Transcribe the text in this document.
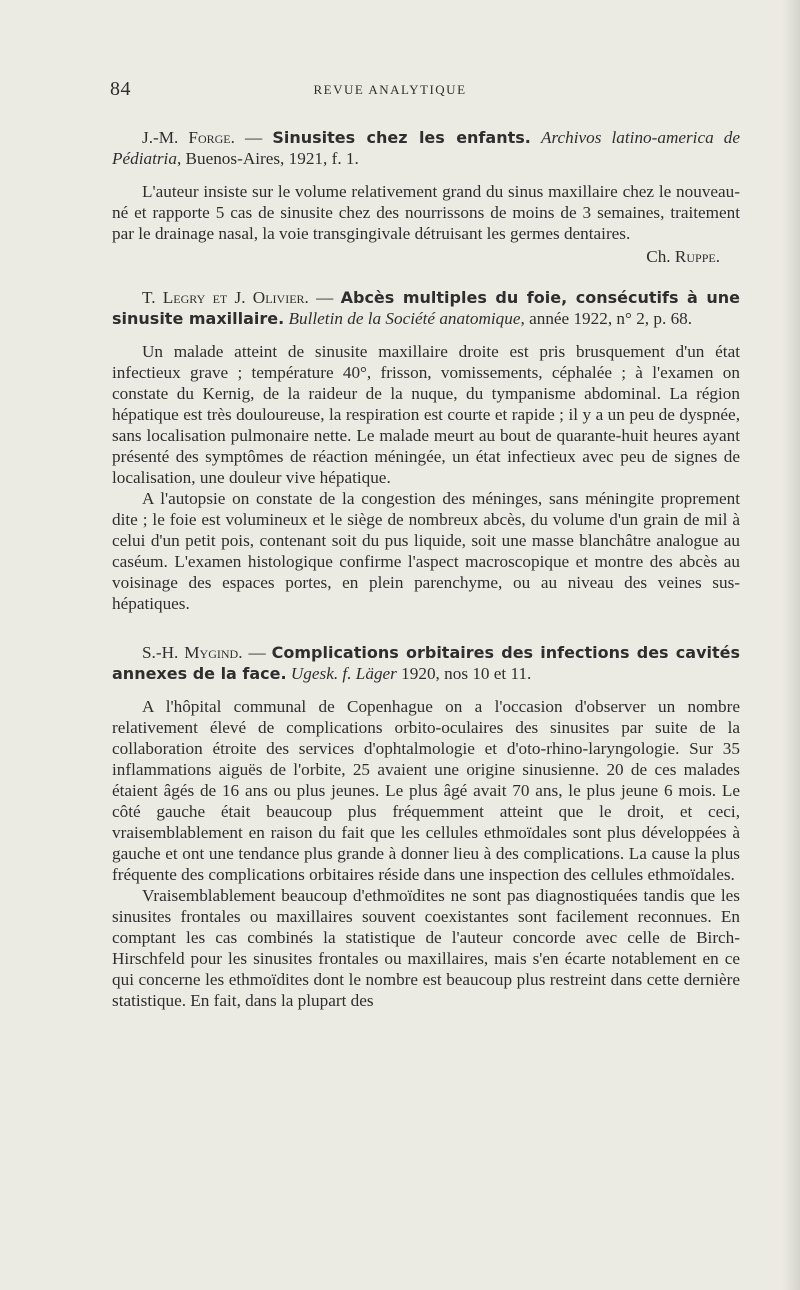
84	REVUE ANALYTIQUE

J.-M. Forge. — Sinusites chez les enfants. Archivos latino-america de Pédiatria, Buenos-Aires, 1921, f. 1.

L'auteur insiste sur le volume relativement grand du sinus maxillaire chez le nouveau-né et rapporte 5 cas de sinusite chez des nourrissons de moins de 3 semaines, traitement par le drainage nasal, la voie transgingivale détruisant les germes dentaires.

Ch. Ruppe.

T. Legry et J. Olivier. — Abcès multiples du foie, consécutifs à une sinusite maxillaire. Bulletin de la Société anatomique, année 1922, n° 2, p. 68.

Un malade atteint de sinusite maxillaire droite est pris brusquement d'un état infectieux grave ; température 40°, frisson, vomissements, céphalée ; à l'examen on constate du Kernig, de la raideur de la nuque, du tympanisme abdominal. La région hépatique est très douloureuse, la respiration est courte et rapide ; il y a un peu de dyspnée, sans localisation pulmonaire nette. Le malade meurt au bout de quarante-huit heures ayant présenté des symptômes de réaction méningée, un état infectieux avec peu de signes de localisation, une douleur vive hépatique.

A l'autopsie on constate de la congestion des méninges, sans méningite proprement dite ; le foie est volumineux et le siège de nombreux abcès, du volume d'un grain de mil à celui d'un petit pois, contenant soit du pus liquide, soit une masse blanchâtre analogue au caséum. L'examen histologique confirme l'aspect macroscopique et montre des abcès au voisinage des espaces portes, en plein parenchyme, ou au niveau des veines sus-hépatiques.

S.-H. Mygind. — Complications orbitaires des infections des cavités annexes de la face. Ugesk. f. Läger 1920, nos 10 et 11.

A l'hôpital communal de Copenhague on a l'occasion d'observer un nombre relativement élevé de complications orbito-oculaires des sinusites par suite de la collaboration étroite des services d'ophtalmologie et d'oto-rhino-laryngologie. Sur 35 inflammations aiguës de l'orbite, 25 avaient une origine sinusienne. 20 de ces malades étaient âgés de 16 ans ou plus jeunes. Le plus âgé avait 70 ans, le plus jeune 6 mois. Le côté gauche était beaucoup plus fréquemment atteint que le droit, et ceci, vraisemblablement en raison du fait que les cellules ethmoïdales sont plus développées à gauche et ont une tendance plus grande à donner lieu à des complications. La cause la plus fréquente des complications orbitaires réside dans une inspection des cellules ethmoïdales.

Vraisemblablement beaucoup d'ethmoïdites ne sont pas diagnostiquées tandis que les sinusites frontales ou maxillaires souvent coexistantes sont facilement reconnues. En comptant les cas combinés la statistique de l'auteur concorde avec celle de Birch-Hirschfeld pour les sinusites frontales ou maxillaires, mais s'en écarte notablement en ce qui concerne les ethmoïdites dont le nombre est beaucoup plus restreint dans cette dernière statistique. En fait, dans la plupart des
